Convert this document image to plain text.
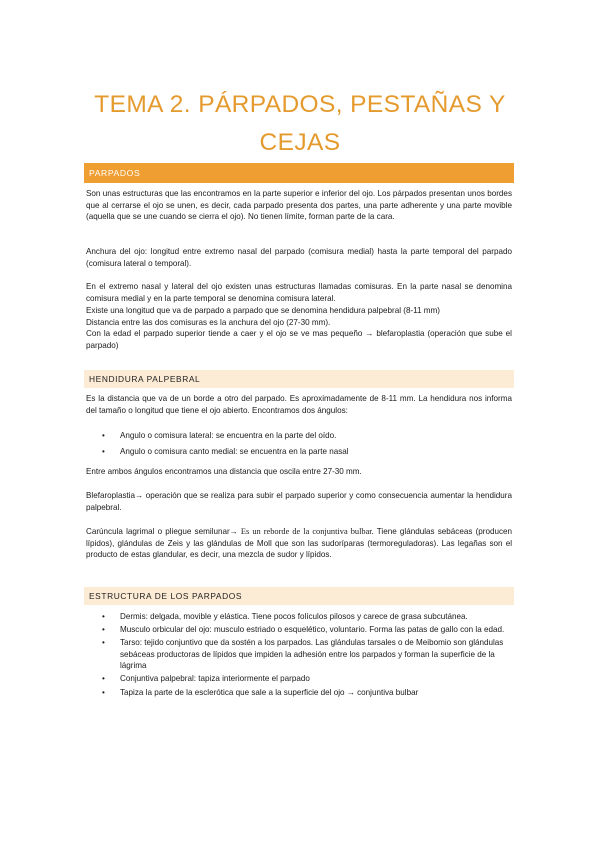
TEMA 2. PÁRPADOS, PESTAÑAS Y
CEJAS
PARPADOS

Son unas estructuras que las encontramos en la parte superior e inferior del ojo. Los párpados presentan unos bordes que al cerrarse el ojo se unen, es decir, cada parpado presenta dos partes, una parte adherente y una parte movible (aquella que se une cuando se cierra el ojo). No tienen límite, forman parte de la cara.

Anchura del ojo: longitud entre extremo nasal del parpado (comisura medial) hasta la parte temporal del parpado (comisura lateral o temporal).

En el extremo nasal y lateral del ojo existen unas estructuras llamadas comisuras. En la parte nasal se denomina comisura medial y en la parte temporal se denomina comisura lateral.

Existe una longitud que va de parpado a parpado que se denomina hendidura palpebral (8-11 mm)

Distancia entre las dos comisuras es la anchura del ojo (27-30 mm).

Con la edad el parpado superior tiende a caer y el ojo se ve mas pequeño → blefaroplastia (operación que sube el parpado)

HENDIDURA PALPEBRAL

Es la distancia que va de un borde a otro del parpado. Es aproximadamente de 8-11 mm. La hendidura nos informa del tamaño o longitud que tiene el ojo abierto. Encontramos dos ángulos:

• Angulo o comisura lateral: se encuentra en la parte del oído.
• Angulo o comisura canto medial: se encuentra en la parte nasal

Entre ambos ángulos encontramos una distancia que oscila entre 27-30 mm.

Blefaroplastia→ operación que se realiza para subir el parpado superior y como consecuencia aumentar la hendidura palpebral.

Carúncula lagrimal o pliegue semilunar→ Es un reborde de la conjuntiva bulbar. Tiene glándulas sebáceas (producen lípidos), glándulas de Zeis y las glándulas de Moll que son las sudoríparas (termoreguladoras). Las legañas son el producto de estas glandular, es decir, una mezcla de sudor y lípidos.

ESTRUCTURA DE LOS PARPADOS
• Dermis: delgada, movible y elástica. Tiene pocos folículos pilosos y carece de grasa subcutánea.
• Musculo orbicular del ojo: musculo estriado o esquelético, voluntario. Forma las patas de gallo con la edad.
• Tarso: tejido conjuntivo que da sostén a los parpados. Las glándulas tarsales o de Meibomio son glándulas sebáceas productoras de lípidos que impiden la adhesión entre los parpados y forman la superficie de la lágrima
• Conjuntiva palpebral: tapiza interiormente el parpado
• Tapiza la parte de la esclerótica que sale a la superficie del ojo → conjuntiva bulbar
